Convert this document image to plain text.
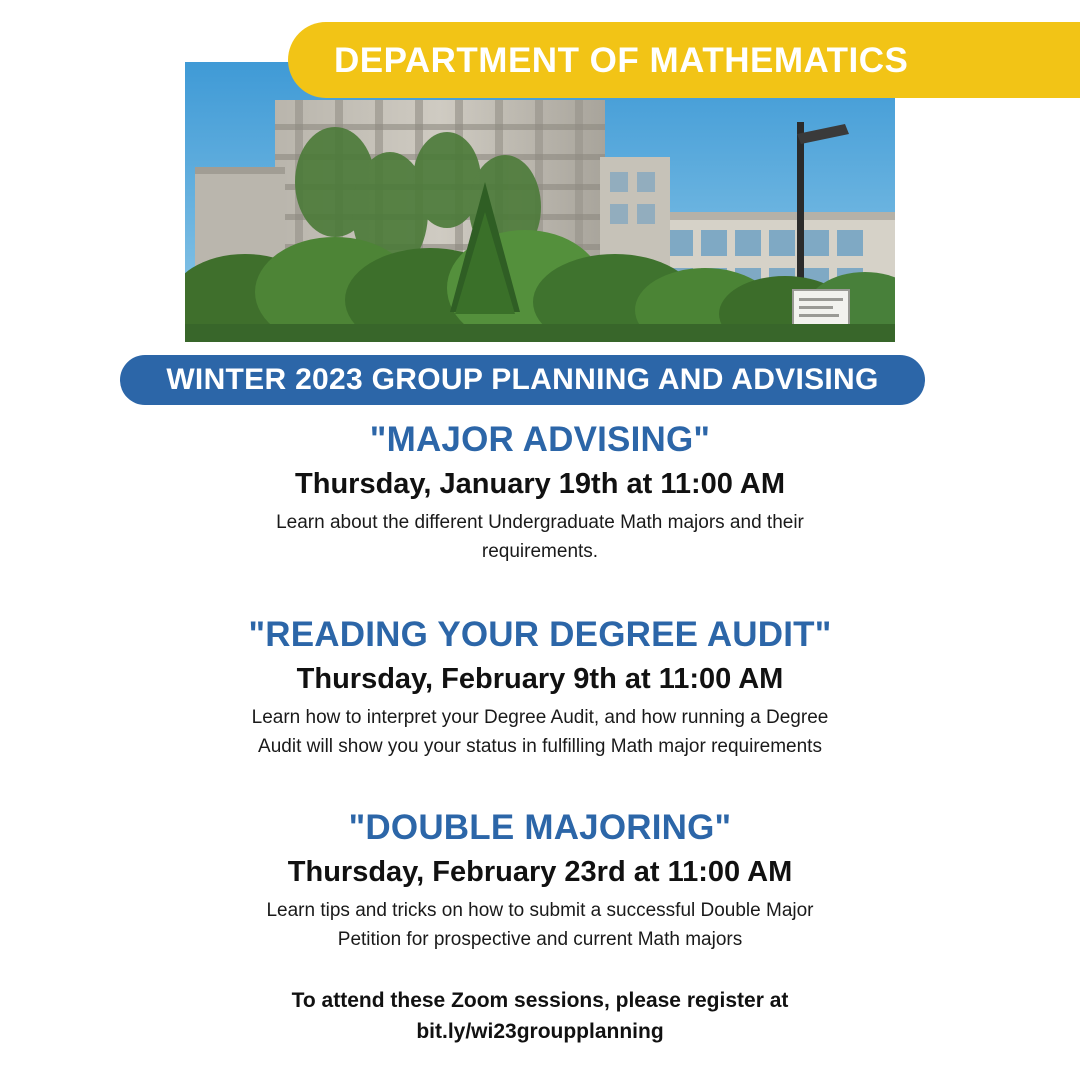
DEPARTMENT OF MATHEMATICS
WINTER 2023 GROUP PLANNING AND ADVISING

"MAJOR ADVISING"

Thursday, January 19th at 11:00 AM

Learn about the different Undergraduate Math majors and their requirements.

"READING YOUR DEGREE AUDIT"

Thursday, February 9th at 11:00 AM

Learn how to interpret your Degree Audit, and how running a Degree Audit will show you your status in fulfilling Math major requirements

"DOUBLE MAJORING"

Thursday, February 23rd at 11:00 AM

Learn tips and tricks on how to submit a successful Double Major Petition for prospective and current Math majors

To attend these Zoom sessions, please register at
bit.ly/wi23groupplanning
